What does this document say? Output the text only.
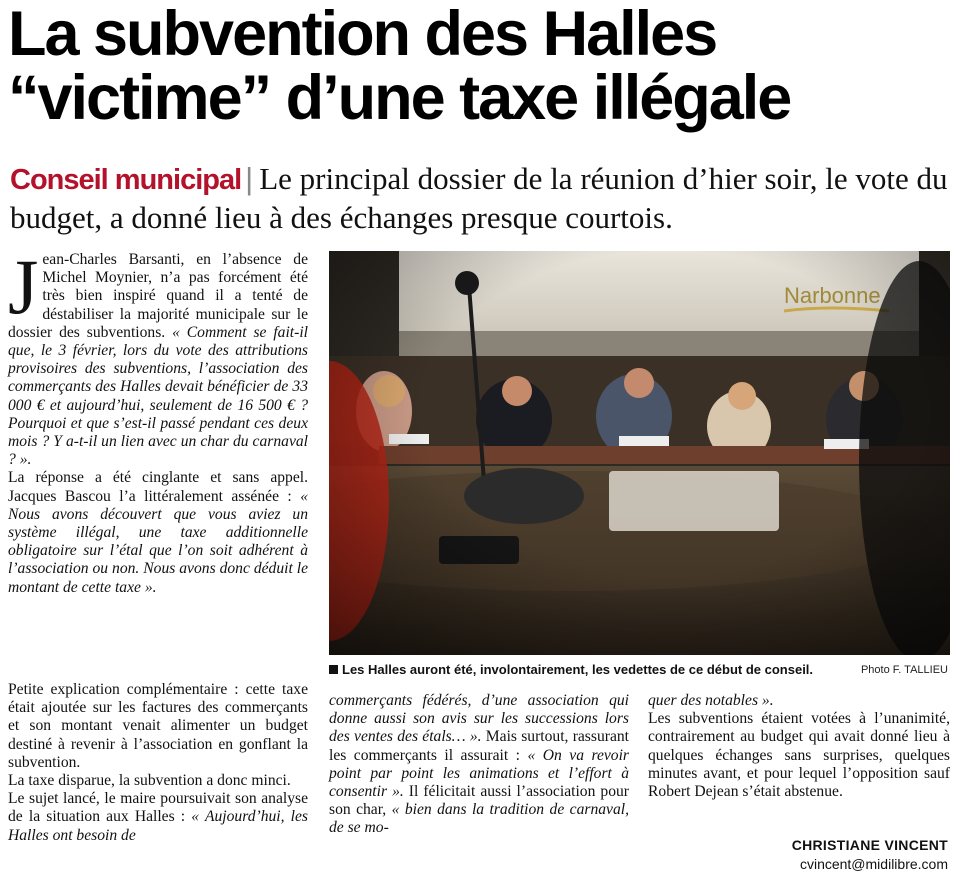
La subvention des Halles
“victime” d’une taxe illégale

Conseil municipal | Le principal dossier de la réunion d’hier soir, le vote du budget, a donné lieu à des échanges presque courtois.

J ean-Charles Barsanti, en l’absence de Michel Moynier, n’a pas forcément été très bien inspiré quand il a tenté de déstabiliser la majorité municipale sur le dossier des subventions. « Comment se fait-il que, le 3 février, lors du vote des attributions provisoires des subventions, l’association des commerçants des Halles devait bénéficier de 33 000 € et aujourd’hui, seulement de 16 500 € ? Pourquoi et que s’est-il passé pendant ces deux mois ? Y a-t-il un lien avec un char du carnaval ? ».

La réponse a été cinglante et sans appel. Jacques Bascou l’a littéralement assénée : « Nous avons découvert que vous aviez un système illégal, une taxe additionnelle obligatoire sur l’étal que l’on soit adhérent à l’association ou non. Nous avons donc déduit le montant de cette taxe ».

Petite explication complémentaire : cette taxe était ajoutée sur les factures des commerçants et son montant venait alimenter un budget destiné à revenir à l’association en gonflant la subvention.

La taxe disparue, la subvention a donc minci.

Le sujet lancé, le maire poursuivait son analyse de la situation aux Halles : « Aujourd’hui, les Halles ont besoin de

commerçants fédérés, d’une association qui donne aussi son avis sur les successions lors des ventes des étals… ». Mais surtout, rassurant les commerçants il assurait : « On va revoir point par point les animations et l’effort à consentir ». Il félicitait aussi l’association pour son char, « bien dans la tradition de carnaval, de se mo-

quer des notables ».

Les subventions étaient votées à l’unanimité, contrairement au budget qui avait donné lieu à quelques échanges sans surprises, quelques minutes avant, et pour lequel l’opposition sauf Robert Dejean s’était abstenue.

Les Halles auront été, involontairement, les vedettes de ce début de conseil.	Photo F. TALLIEU
CHRISTIANE VINCENT
cvincent@midilibre.com
